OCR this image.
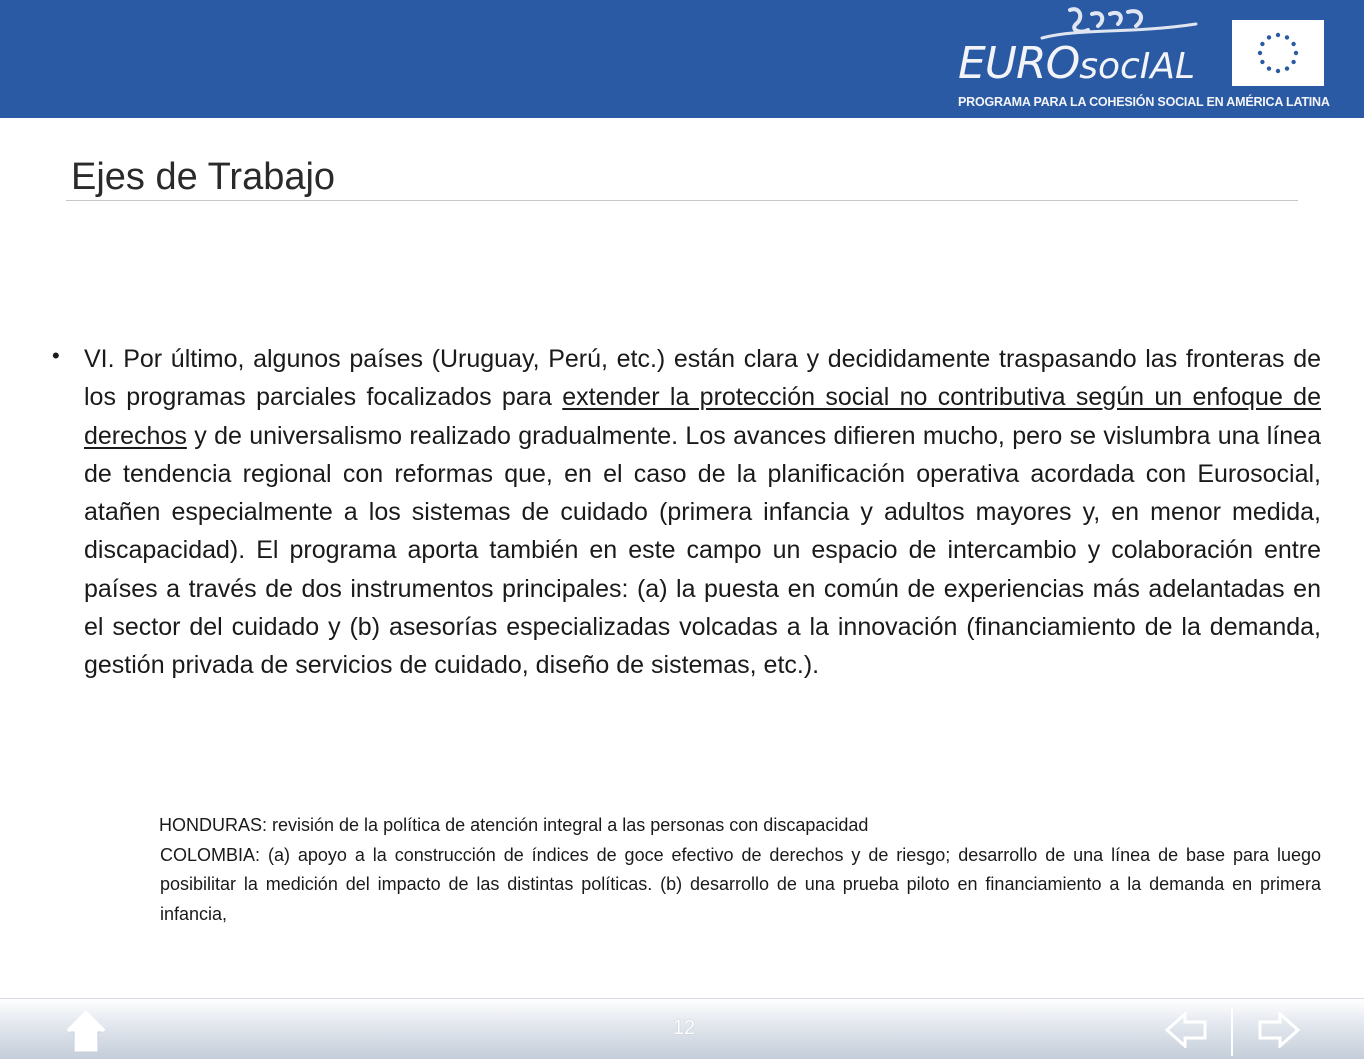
EUROsocIAL
PROGRAMA PARA LA COHESIÓN SOCIAL EN AMÉRICA LATINA
Ejes de Trabajo
• VI. Por último, algunos países (Uruguay, Perú, etc.) están clara y decididamente traspasando las fronteras de los programas parciales focalizados para extender la protección social no contributiva según un enfoque de derechos y de universalismo realizado gradualmente. Los avances difieren mucho, pero se vislumbra una línea de tendencia regional con reformas que, en el caso de la planificación operativa acordada con Eurosocial, atañen especialmente a los sistemas de cuidado (primera infancia y adultos mayores y, en menor medida, discapacidad). El programa aporta también en este campo un espacio de intercambio y colaboración entre países a través de dos instrumentos principales: (a) la puesta en común de experiencias más adelantadas en el sector del cuidado y (b) asesorías especializadas volcadas a la innovación (financiamiento de la demanda, gestión privada de servicios de cuidado, diseño de sistemas, etc.).

HONDURAS: revisión de la política de atención integral a las personas con discapacidad

COLOMBIA: (a) apoyo a la construcción de índices de goce efectivo de derechos y de riesgo; desarrollo de una línea de base para luego posibilitar la medición del impacto de las distintas políticas. (b) desarrollo de una prueba piloto en financiamiento a la demanda en primera infancia,

12
